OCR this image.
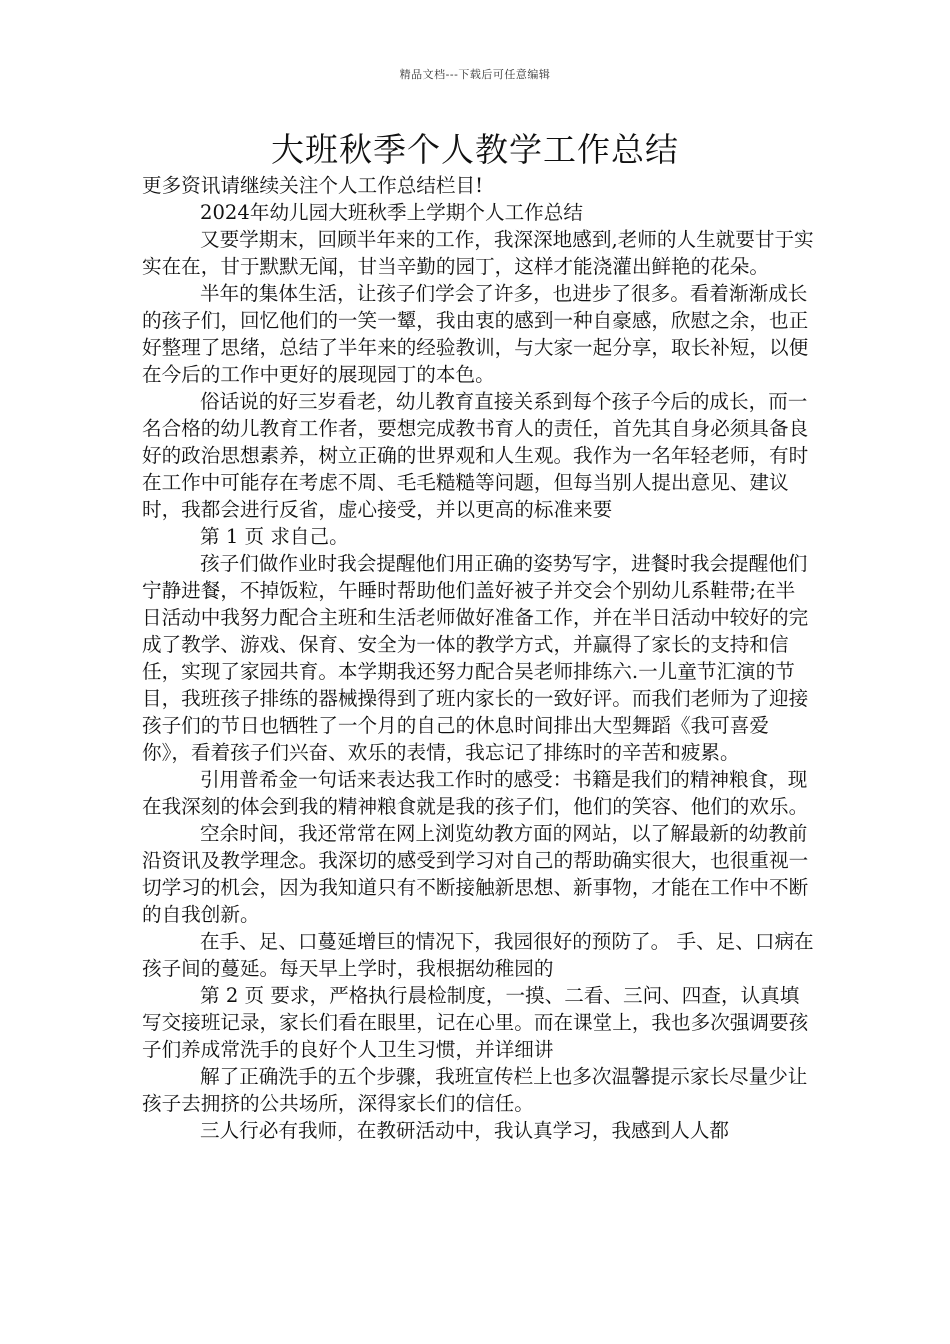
精品文档---下载后可任意编辑
大班秋季个人教学工作总结

更多资讯请继续关注个人工作总结栏目!

2024年幼儿园大班秋季上学期个人工作总结

又要学期末，回顾半年来的工作，我深深地感到,老师的人生就要甘于实实在在，甘于默默无闻，甘当辛勤的园丁，这样才能浇灌出鲜艳的花朵。

半年的集体生活，让孩子们学会了许多，也进步了很多。看着渐渐成长的孩子们，回忆他们的一笑一颦，我由衷的感到一种自豪感，欣慰之余，也正好整理了思绪，总结了半年来的经验教训，与大家一起分享，取长补短，以便在今后的工作中更好的展现园丁的本色。

俗话说的好三岁看老，幼儿教育直接关系到每个孩子今后的成长，而一名合格的幼儿教育工作者，要想完成教书育人的责任，首先其自身必须具备良好的政治思想素养，树立正确的世界观和人生观。我作为一名年轻老师，有时在工作中可能存在考虑不周、毛毛糙糙等问题，但每当别人提出意见、建议时，我都会进行反省，虚心接受，并以更高的标准来要

第 1 页 求自己。

孩子们做作业时我会提醒他们用正确的姿势写字，进餐时我会提醒他们宁静进餐，不掉饭粒，午睡时帮助他们盖好被子并交会个别幼儿系鞋带;在半日活动中我努力配合主班和生活老师做好准备工作，并在半日活动中较好的完成了教学、游戏、保育、安全为一体的教学方式，并赢得了家长的支持和信任，实现了家园共育。本学期我还努力配合吴老师排练六.一儿童节汇演的节目，我班孩子排练的器械操得到了班内家长的一致好评。而我们老师为了迎接孩子们的节日也牺牲了一个月的自己的休息时间排出大型舞蹈《我可喜爱你》，看着孩子们兴奋、欢乐的表情，我忘记了排练时的辛苦和疲累。

引用普希金一句话来表达我工作时的感受：书籍是我们的精神粮食，现在我深刻的体会到我的精神粮食就是我的孩子们，他们的笑容、他们的欢乐。

空余时间，我还常常在网上浏览幼教方面的网站，以了解最新的幼教前沿资讯及教学理念。我深切的感受到学习对自己的帮助确实很大，也很重视一切学习的机会，因为我知道只有不断接触新思想、新事物，才能在工作中不断的自我创新。

在手、足、口蔓延增巨的情况下，我园很好的预防了。 手、足、口病在孩子间的蔓延。每天早上学时，我根据幼稚园的

第 2 页 要求，严格执行晨检制度，一摸、二看、三问、四查，认真填写交接班记录，家长们看在眼里，记在心里。而在课堂上，我也多次强调要孩子们养成常洗手的良好个人卫生习惯，并详细讲

解了正确洗手的五个步骤，我班宣传栏上也多次温馨提示家长尽量少让孩子去拥挤的公共场所，深得家长们的信任。

三人行必有我师，在教研活动中，我认真学习，我感到人人都
